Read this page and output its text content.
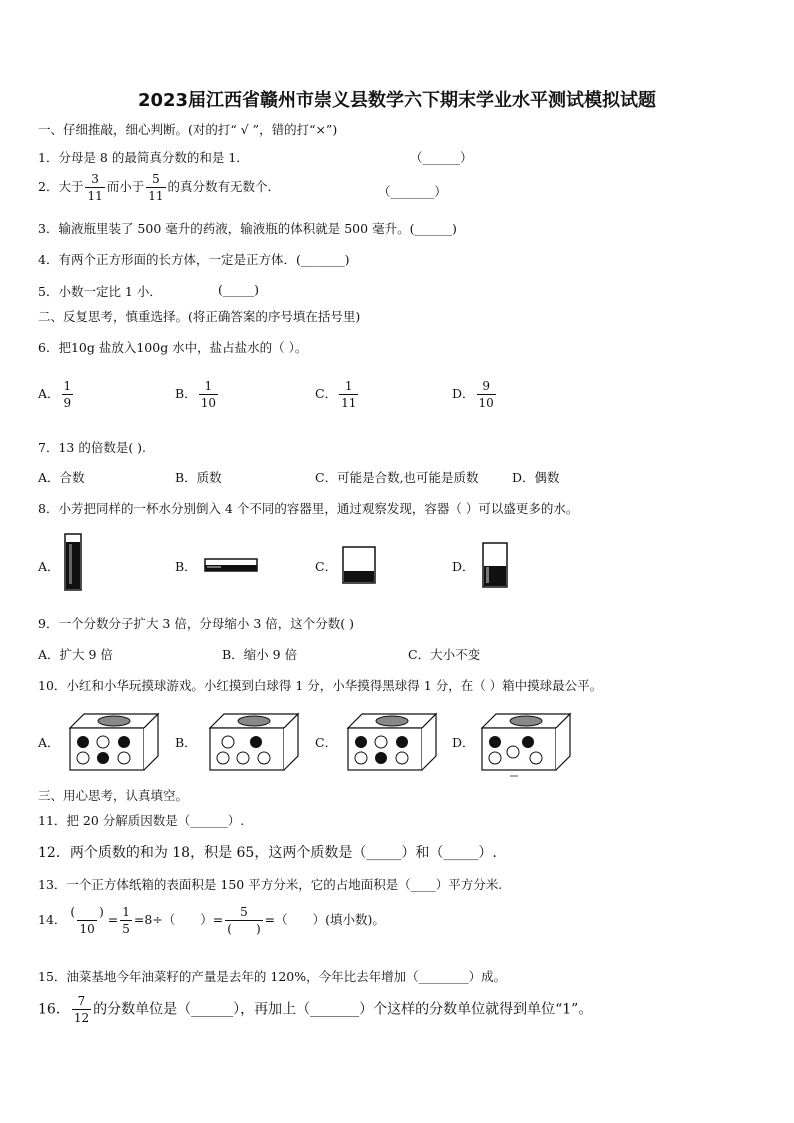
2023届江西省赣州市崇义县数学六下期末学业水平测试模拟试题
一、仔细推敲，细心判断。(对的打“ √ ”，错的打“×”)
1．分母是 8 的最简真分数的和是 1．	（______）
2．大于 $\frac{3}{11}$ 而小于 $\frac{5}{11}$ 的真分数有无数个．	（_______）
3．输液瓶里装了 500 毫升的药液，输液瓶的体积就是 500 毫升。(______)
4．有两个正方形面的长方体，一定是正方体．(_______)
5．小数一定比 1 小．	(_____)
二、反复思考，慎重选择。(将正确答案的序号填在括号里)
6．把10g 盐放入100g 水中，盐占盐水的（ ）。
A． $\frac{1}{9}$	B． $\frac{1}{10}$	C． $\frac{1}{11}$	D． $\frac{9}{10}$
7．13 的倍数是( ).
A．合数	B．质数	C．可能是合数,也可能是质数	D．偶数
8．小芳把同样的一杯水分别倒入 4 个不同的容器里，通过观察发现，容器（ ）可以盛更多的水。
A．	B．	C．	D．
9．一个分数分子扩大 3 倍，分母缩小 3 倍，这个分数( )
A．扩大 9 倍	B．缩小 9 倍	C．大小不变
10．小红和小华玩摸球游戏。小红摸到白球得 1 分，小华摸得黑球得 1 分，在（ ）箱中摸球最公平。
A．	B．	C．	D．
三、用心思考，认真填空。
11．把 20 分解质因数是（______）.
12．两个质数的和为 18，积是 65，这两个质数是（_____）和（_____）.
13．一个正方体纸箱的表面积是 150 平方分米，它的占地面积是（____）平方分米.
14． $\frac{( )}{10} = \frac{1}{5} =8\div$（　　）= $\frac{5}{( )}$ =（　　）(填小数)。
15．油菜基地今年油菜籽的产量是去年的 120%，今年比去年增加（________）成。
16． $\frac{7}{12}$ 的分数单位是（______），再加上（_______）个这样的分数单位就得到单位“1”。
